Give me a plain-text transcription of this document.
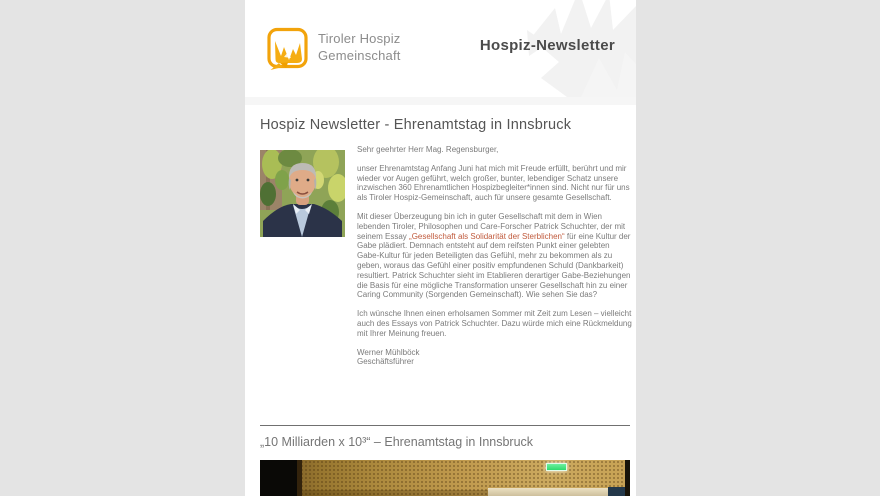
Tiroler Hospiz
Gemeinschaft
Hospiz-Newsletter
Hospiz Newsletter - Ehrenamtstag in Innsbruck

Sehr geehrter Herr Mag. Regensburger,

unser Ehrenamtstag Anfang Juni hat mich mit Freude erfüllt, berührt und mir wieder vor Augen geführt, welch großer, bunter, lebendiger Schatz unsere inzwischen 360 Ehrenamtlichen Hospizbegleiter*innen sind. Nicht nur für uns als Tiroler Hospiz-Gemeinschaft, auch für unsere gesamte Gesellschaft.

Mit dieser Überzeugung bin ich in guter Gesellschaft mit dem in Wien lebenden Tiroler, Philosophen und Care-Forscher Patrick Schuchter, der mit seinem Essay „Gesellschaft als Solidarität der Sterblichen“ für eine Kultur der Gabe plädiert. Demnach entsteht auf dem reifsten Punkt einer gelebten Gabe-Kultur für jeden Beteiligten das Gefühl, mehr zu bekommen als zu geben, woraus das Gefühl einer positiv empfundenen Schuld (Dankbarkeit) resultiert. Patrick Schuchter sieht im Etablieren derartiger Gabe-Beziehungen die Basis für eine mögliche Transformation unserer Gesellschaft hin zu einer Caring Community (Sorgenden Gemeinschaft). Wie sehen Sie das?

Ich wünsche Ihnen einen erholsamen Sommer mit Zeit zum Lesen – vielleicht auch des Essays von Patrick Schuchter. Dazu würde mich eine Rückmeldung mit Ihrer Meinung freuen.

Werner Mühlböck
Geschäftsführer

„10 Milliarden x 10³“ – Ehrenamtstag in Innsbruck
